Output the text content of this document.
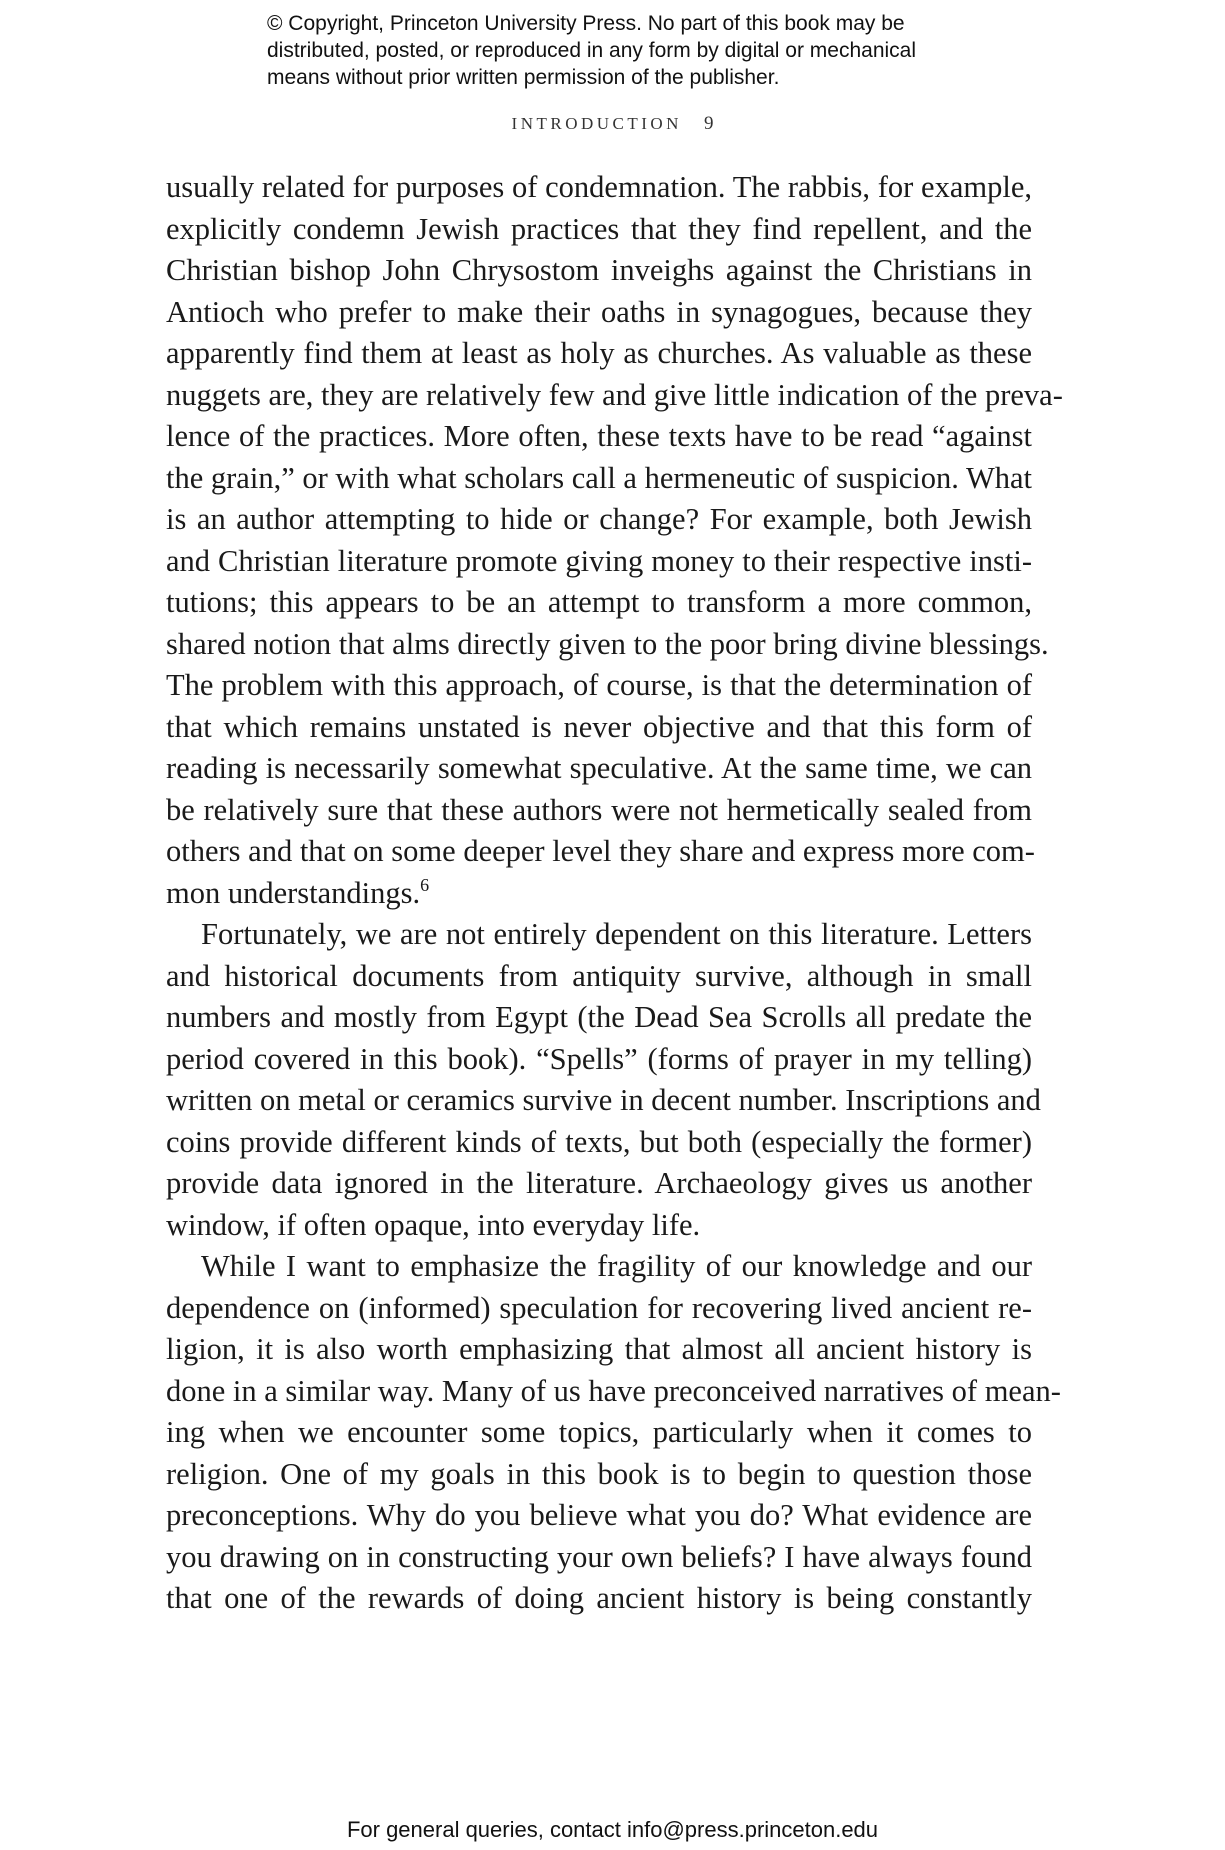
© Copyright, Princeton University Press. No part of this book may be
distributed, posted, or reproduced in any form by digital or mechanical
means without prior written permission of the publisher.
INTRODUCTION 9
usually related for purposes of condemnation. The rabbis, for example,
explicitly condemn Jewish practices that they find repellent, and the
Christian bishop John Chrysostom inveighs against the Christians in
Antioch who prefer to make their oaths in synagogues, because they
apparently find them at least as holy as churches. As valuable as these
nuggets are, they are relatively few and give little indication of the preva-
lence of the practices. More often, these texts have to be read “against
the grain,” or with what scholars call a hermeneutic of suspicion. What
is an author attempting to hide or change? For example, both Jewish
and Christian literature promote giving money to their respective insti-
tutions; this appears to be an attempt to transform a more common,
shared notion that alms directly given to the poor bring divine blessings.
The problem with this approach, of course, is that the determination of
that which remains unstated is never objective and that this form of
reading is necessarily somewhat speculative. At the same time, we can
be relatively sure that these authors were not hermetically sealed from
others and that on some deeper level they share and express more com-
mon understandings.$^6$
Fortunately, we are not entirely dependent on this literature. Letters
and historical documents from antiquity survive, although in small
numbers and mostly from Egypt (the Dead Sea Scrolls all predate the
period covered in this book). “Spells” (forms of prayer in my telling)
written on metal or ceramics survive in decent number. Inscriptions and
coins provide different kinds of texts, but both (especially the former)
provide data ignored in the literature. Archaeology gives us another
window, if often opaque, into everyday life.
While I want to emphasize the fragility of our knowledge and our
dependence on (informed) speculation for recovering lived ancient re-
ligion, it is also worth emphasizing that almost all ancient history is
done in a similar way. Many of us have preconceived narratives of mean-
ing when we encounter some topics, particularly when it comes to
religion. One of my goals in this book is to begin to question those
preconceptions. Why do you believe what you do? What evidence are
you drawing on in constructing your own beliefs? I have always found
that one of the rewards of doing ancient history is being constantly
For general queries, contact info@press.princeton.edu
